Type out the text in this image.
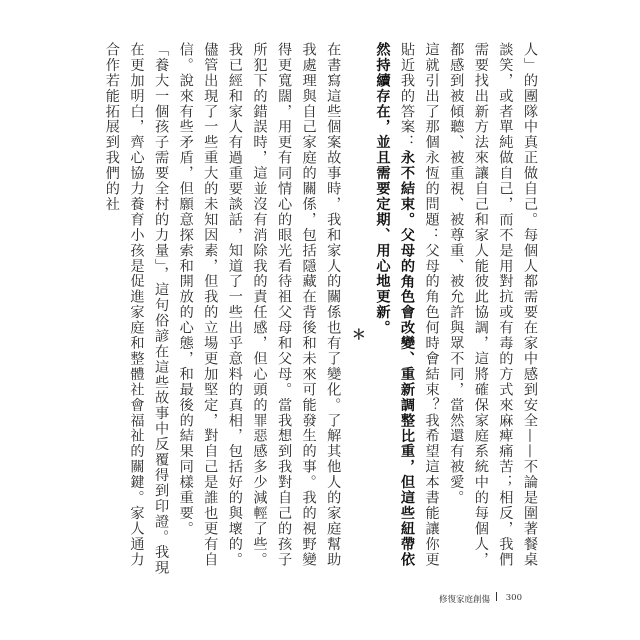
人」的團隊中真正做自己。每個人都需要在家中感到安全——不論是圍著餐桌談笑，或者單純做自己，而不是用對抗或有毒的方式來麻痺痛苦；相反，我們需要找出新方法來讓自己和家人能彼此協調，這將確保家庭系統中的每個人，都感到被傾聽、被重視、被尊重、被允許與眾不同，當然還有被愛。

這就引出了那個永恆的問題：父母的角色何時會結束？我希望這本書能讓你更貼近我的答案：永不結束。父母的角色會改變、重新調整比重，但這些紐帶依然持續存在，並且需要定期、用心地更新。

＊

在書寫這些個案故事時，我和家人的關係也有了變化。了解其他人的家庭幫助我處理與自己家庭的關係，包括隱藏在背後和未來可能發生的事。我的視野變得更寬闊，用更有同情心的眼光看待祖父母和父母。當我想到我對自己的孩子所犯下的錯誤時，這並沒有消除我的責任感，但心頭的罪惡感多少減輕了些。我已經和家人有過重要談話，知道了一些出乎意料的真相，包括好的與壞的。儘管出現了一些重大的未知因素，但我的立場更加堅定，對自己是誰也更有自信。說來有些矛盾，但願意探索和開放的心態，和最後的結果同樣重要。

「養大一個孩子需要全村的力量」，這句俗諺在這些故事中反覆得到印證。我現在更加明白，齊心協力養育小孩是促進家庭和整體社會福祉的關鍵。家人通力合作若能拓展到我們的社

修復家庭創傷 300
